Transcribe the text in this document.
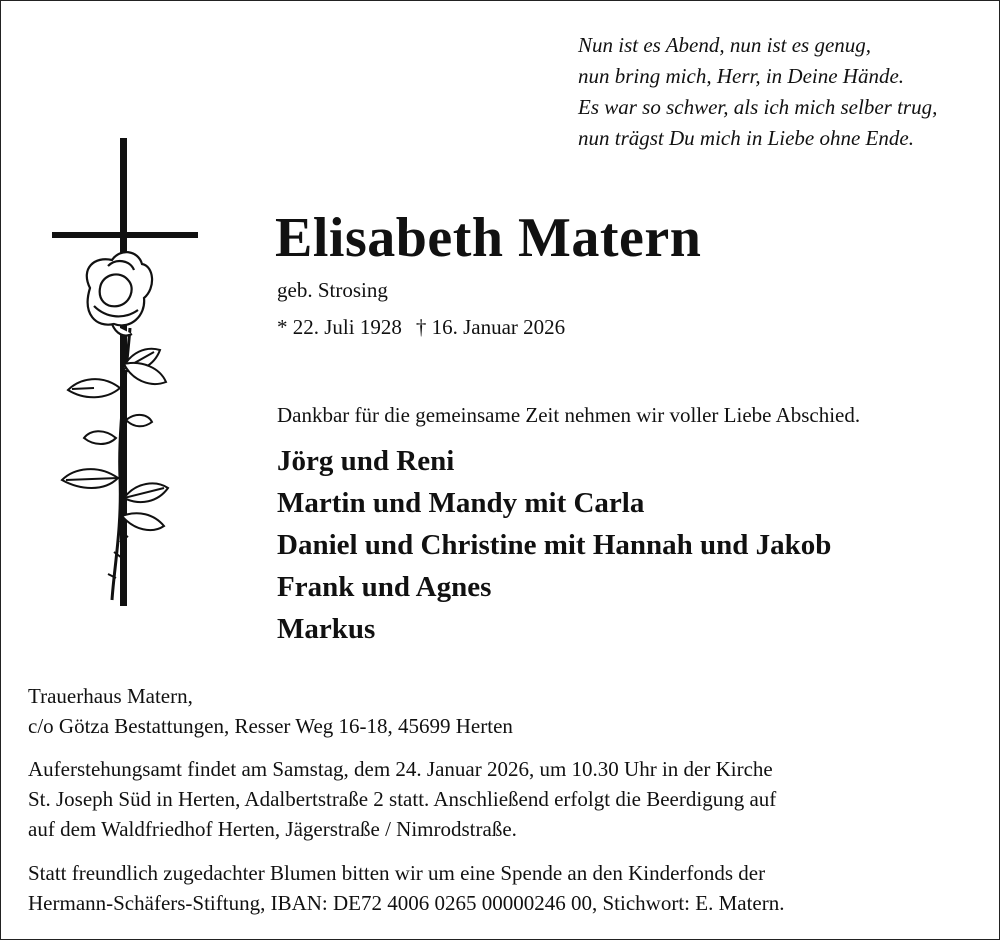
Nun ist es Abend, nun ist es genug,
nun bring mich, Herr, in Deine Hände.
Es war so schwer, als ich mich selber trug,
nun trägst Du mich in Liebe ohne Ende.
Elisabeth Matern
geb. Strosing
* 22. Juli 1928 † 16. Januar 2026
Dankbar für die gemeinsame Zeit nehmen wir voller Liebe Abschied.
Jörg und Reni
Martin und Mandy mit Carla
Daniel und Christine mit Hannah und Jakob
Frank und Agnes
Markus
Trauerhaus Matern,
c/o Götza Bestattungen, Resser Weg 16-18, 45699 Herten
Auferstehungsamt findet am Samstag, dem 24. Januar 2026, um 10.30 Uhr in der Kirche
St. Joseph Süd in Herten, Adalbertstraße 2 statt. Anschließend erfolgt die Beerdigung auf
auf dem Waldfriedhof Herten, Jägerstraße / Nimrodstraße.
Statt freundlich zugedachter Blumen bitten wir um eine Spende an den Kinderfonds der
Hermann-Schäfers-Stiftung, IBAN: DE72 4006 0265 00000246 00, Stichwort: E. Matern.
